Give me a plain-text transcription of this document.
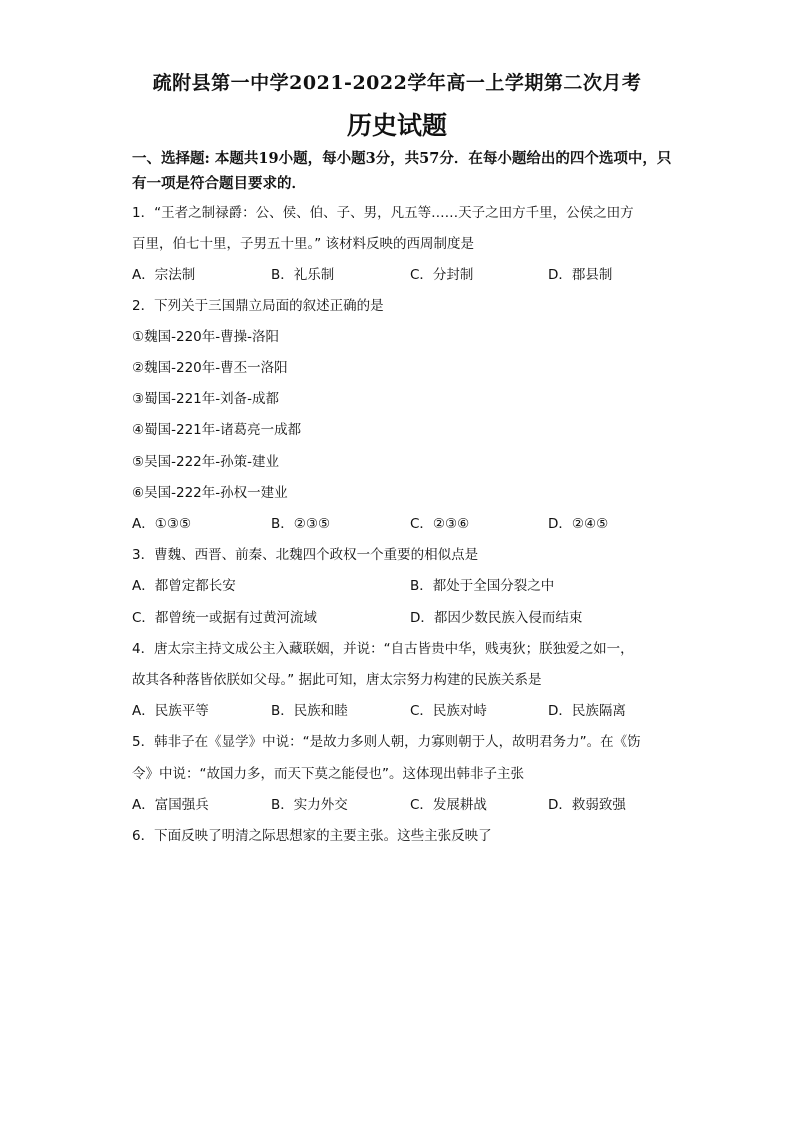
疏附县第一中学2021-2022学年高一上学期第二次月考
历史试题
一、选择题: 本题共19小题，每小题3分，共57分．在每小题给出的四个选项中，只
有一项是符合题目要求的．
1．“王者之制禄爵：公、侯、伯、子、男，凡五等……天子之田方千里，公侯之田方
百里，伯七十里，子男五十里。” 该材料反映的西周制度是
A．宗法制	B．礼乐制	C．分封制	D．郡县制
2．下列关于三国鼎立局面的叙述正确的是
①魏国-220年-曹操-洛阳
②魏国-220年-曹丕一洛阳
③蜀国-221年-刘备-成都
④蜀国-221年-诸葛亮一成都
⑤吴国-222年-孙策-建业
⑥吴国-222年-孙权一建业
A．①③⑤	B．②③⑤	C．②③⑥	D．②④⑤
3．曹魏、西晋、前秦、北魏四个政权一个重要的相似点是
A．都曾定都长安	B．都处于全国分裂之中
C．都曾统一或据有过黄河流域	D．都因少数民族入侵而结束
4．唐太宗主持文成公主入藏联姻，并说：“自古皆贵中华，贱夷狄；朕独爱之如一，
故其各种落皆依朕如父母。” 据此可知，唐太宗努力构建的民族关系是
A．民族平等	B．民族和睦	C．民族对峙	D．民族隔离
5．韩非子在《显学》中说：“是故力多则人朝，力寡则朝于人，故明君务力”。在《饬
令》中说：“故国力多，而天下莫之能侵也”。这体现出韩非子主张
A．富国强兵	B．实力外交	C．发展耕战	D．救弱致强
6．下面反映了明清之际思想家的主要主张。这些主张反映了
